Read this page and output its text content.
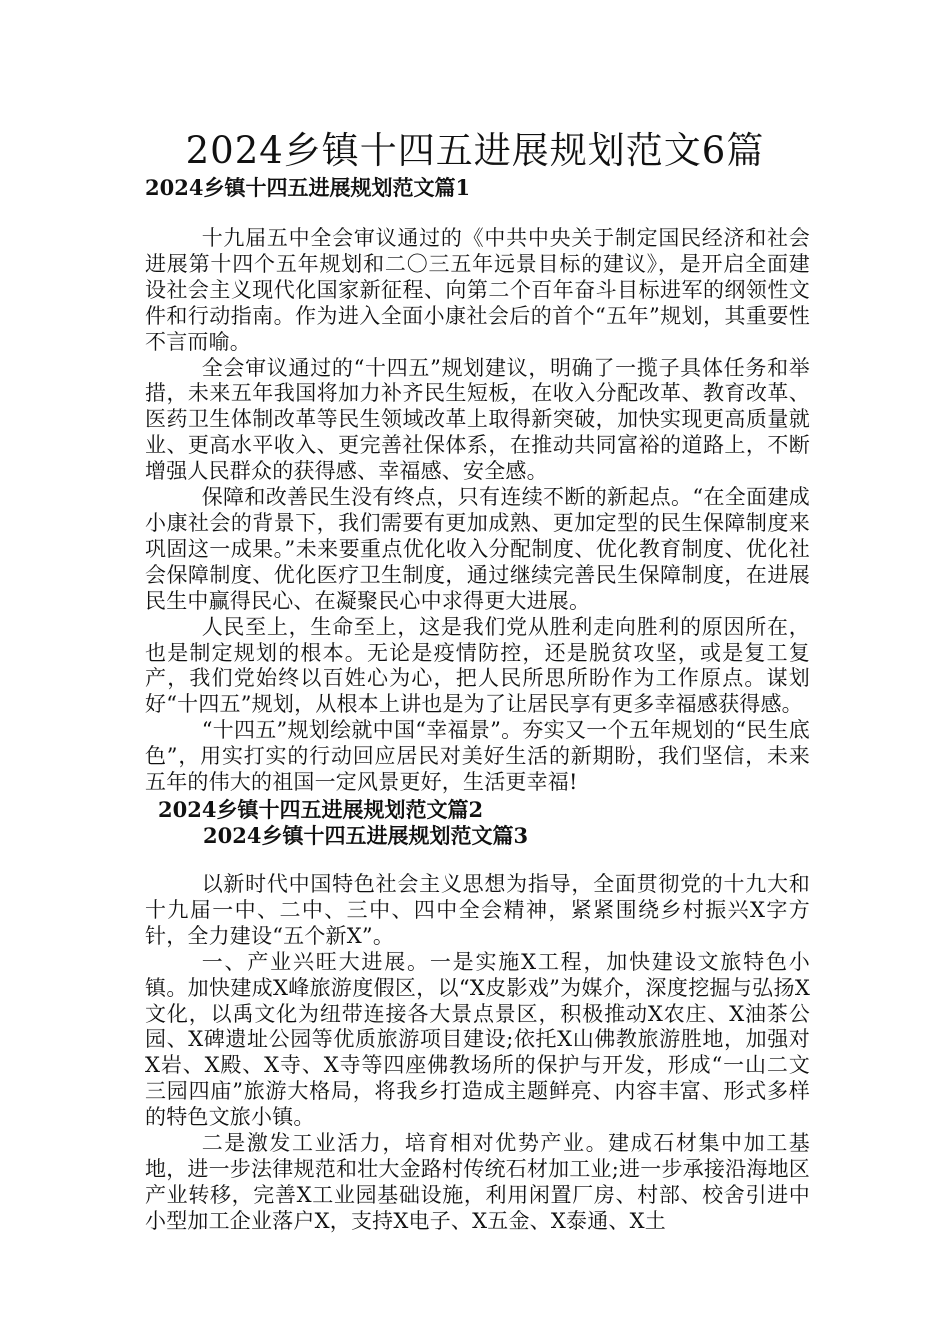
2024乡镇十四五进展规划范文6篇
2024乡镇十四五进展规划范文篇1

十九届五中全会审议通过的《中共中央关于制定国民经济和社会进展第十四个五年规划和二〇三五年远景目标的建议》，是开启全面建设社会主义现代化国家新征程、向第二个百年奋斗目标进军的纲领性文件和行动指南。作为进入全面小康社会后的首个“五年”规划，其重要性不言而喻。

全会审议通过的“十四五”规划建议，明确了一揽子具体任务和举措，未来五年我国将加力补齐民生短板，在收入分配改革、教育改革、医药卫生体制改革等民生领域改革上取得新突破，加快实现更高质量就业、更高水平收入、更完善社保体系，在推动共同富裕的道路上，不断增强人民群众的获得感、幸福感、安全感。

保障和改善民生没有终点，只有连续不断的新起点。“在全面建成小康社会的背景下，我们需要有更加成熟、更加定型的民生保障制度来巩固这一成果。”未来要重点优化收入分配制度、优化教育制度、优化社会保障制度、优化医疗卫生制度，通过继续完善民生保障制度，在进展民生中赢得民心、在凝聚民心中求得更大进展。

人民至上，生命至上，这是我们党从胜利走向胜利的原因所在，也是制定规划的根本。无论是疫情防控，还是脱贫攻坚，或是复工复产，我们党始终以百姓心为心，把人民所思所盼作为工作原点。谋划好“十四五”规划，从根本上讲也是为了让居民享有更多幸福感获得感。

“十四五”规划绘就中国“幸福景”。夯实又一个五年规划的“民生底色”，用实打实的行动回应居民对美好生活的新期盼，我们坚信，未来五年的伟大的祖国一定风景更好，生活更幸福!

2024乡镇十四五进展规划范文篇2
2024乡镇十四五进展规划范文篇3

以新时代中国特色社会主义思想为指导，全面贯彻党的十九大和十九届一中、二中、三中、四中全会精神，紧紧围绕乡村振兴X字方针，全力建设“五个新X”。

一、产业兴旺大进展。一是实施X工程，加快建设文旅特色小镇。加快建成X峰旅游度假区，以“X皮影戏”为媒介，深度挖掘与弘扬X文化，以禹文化为纽带连接各大景点景区，积极推动X农庄、X油茶公园、X碑遗址公园等优质旅游项目建设;依托X山佛教旅游胜地，加强对X岩、X殿、X寺、X寺等四座佛教场所的保护与开发，形成“一山二文三园四庙”旅游大格局，将我乡打造成主题鲜亮、内容丰富、形式多样的特色文旅小镇。

二是激发工业活力，培育相对优势产业。建成石材集中加工基地，进一步法律规范和壮大金路村传统石材加工业;进一步承接沿海地区产业转移，完善X工业园基础设施，利用闲置厂房、村部、校舍引进中小型加工企业落户X，支持X电子、X五金、X泰通、X土
